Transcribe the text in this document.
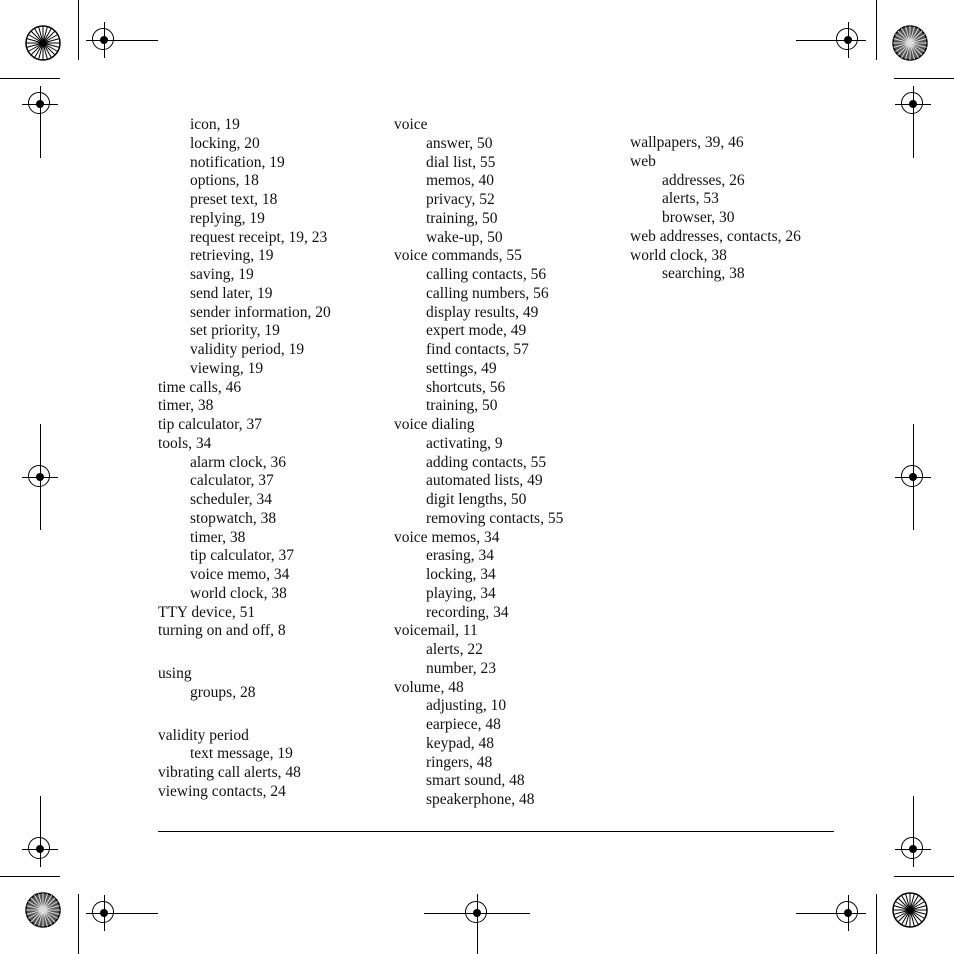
icon, 19
locking, 20
notification, 19
options, 18
preset text, 18
replying, 19
request receipt, 19, 23
retrieving, 19
saving, 19
send later, 19
sender information, 20
set priority, 19
validity period, 19
viewing, 19
time calls, 46
timer, 38
tip calculator, 37
tools, 34
alarm clock, 36
calculator, 37
scheduler, 34
stopwatch, 38
timer, 38
tip calculator, 37
voice memo, 34
world clock, 38
TTY device, 51
turning on and off, 8
using
groups, 28
validity period
text message, 19
vibrating call alerts, 48
viewing contacts, 24
voice
answer, 50
dial list, 55
memos, 40
privacy, 52
training, 50
wake-up, 50
voice commands, 55
calling contacts, 56
calling numbers, 56
display results, 49
expert mode, 49
find contacts, 57
settings, 49
shortcuts, 56
training, 50
voice dialing
activating, 9
adding contacts, 55
automated lists, 49
digit lengths, 50
removing contacts, 55
voice memos, 34
erasing, 34
locking, 34
playing, 34
recording, 34
voicemail, 11
alerts, 22
number, 23
volume, 48
adjusting, 10
earpiece, 48
keypad, 48
ringers, 48
smart sound, 48
speakerphone, 48
wallpapers, 39, 46
web
addresses, 26
alerts, 53
browser, 30
web addresses, contacts, 26
world clock, 38
searching, 38
